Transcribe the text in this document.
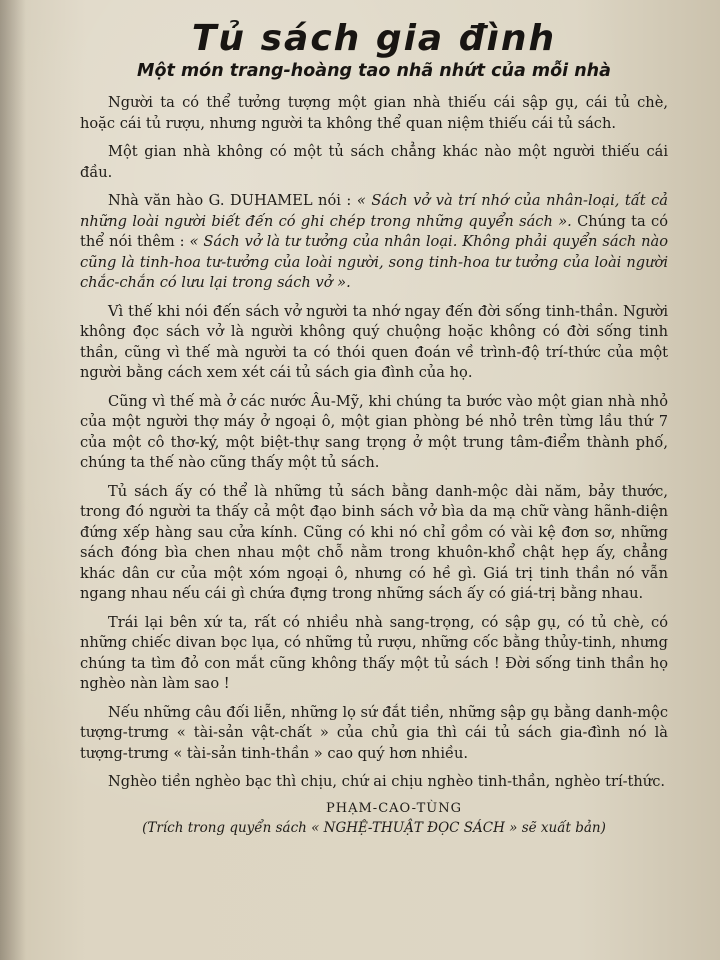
Tủ sách gia đình
Một món trang-hoàng tao nhã nhứt của mỗi nhà

Người ta có thể tưởng tượng một gian nhà thiếu cái sập gụ, cái tủ chè, hoặc cái tủ rượu, nhưng người ta không thể quan niệm thiếu cái tủ sách.

Một gian nhà không có một tủ sách chẳng khác nào một người thiếu cái đầu.

Nhà văn hào G. DUHAMEL nói : « Sách vở và trí nhớ của nhân-loại, tất cả những loài người biết đến có ghi chép trong những quyển sách ». Chúng ta có thể nói thêm : « Sách vở là tư tưởng của nhân loại. Không phải quyển sách nào cũng là tinh-hoa tư-tưởng của loài người, song tinh-hoa tư tưởng của loài người chắc-chắn có lưu lại trong sách vở ».

Vì thế khi nói đến sách vở người ta nhớ ngay đến đời sống tinh-thần. Người không đọc sách vở là người không quý chuộng hoặc không có đời sống tinh thần, cũng vì thế mà người ta có thói quen đoán về trình-độ trí-thức của một người bằng cách xem xét cái tủ sách gia đình của họ.

Cũng vì thế mà ở các nước Âu-Mỹ, khi chúng ta bước vào một gian nhà nhỏ của một người thợ máy ở ngoại ô, một gian phòng bé nhỏ trên từng lầu thứ 7 của một cô thơ-ký, một biệt-thự sang trọng ở một trung tâm-điểm thành phố, chúng ta thế nào cũng thấy một tủ sách.

Tủ sách ấy có thể là những tủ sách bằng danh-mộc dài năm, bảy thước, trong đó người ta thấy cả một đạo binh sách vở bìa da mạ chữ vàng hãnh-diện đứng xếp hàng sau cửa kính. Cũng có khi nó chỉ gồm có vài kệ đơn sơ, những sách đóng bìa chen nhau một chỗ nằm trong khuôn-khổ chật hẹp ấy, chẳng khác dân cư của một xóm ngoại ô, nhưng có hề gì. Giá trị tinh thần nó vẫn ngang nhau nếu cái gì chứa đựng trong những sách ấy có giá-trị bằng nhau.

Trái lại bên xứ ta, rất có nhiều nhà sang-trọng, có sập gụ, có tủ chè, có những chiếc divan bọc lụa, có những tủ rượu, những cốc bằng thủy-tinh, nhưng chúng ta tìm đỏ con mắt cũng không thấy một tủ sách ! Đời sống tinh thần họ nghèo nàn làm sao !

Nếu những câu đối liễn, những lọ sứ đắt tiền, những sập gụ bằng danh-mộc tượng-trưng « tài-sản vật-chất » của chủ gia thì cái tủ sách gia-đình nó là tượng-trưng « tài-sản tinh-thần » cao quý hơn nhiều.

Nghèo tiền nghèo bạc thì chịu, chứ ai chịu nghèo tinh-thần, nghèo trí-thức.

PHẠM-CAO-TÙNG

(Trích trong quyển sách « NGHỆ-THUẬT ĐỌC SÁCH » sẽ xuất bản)
